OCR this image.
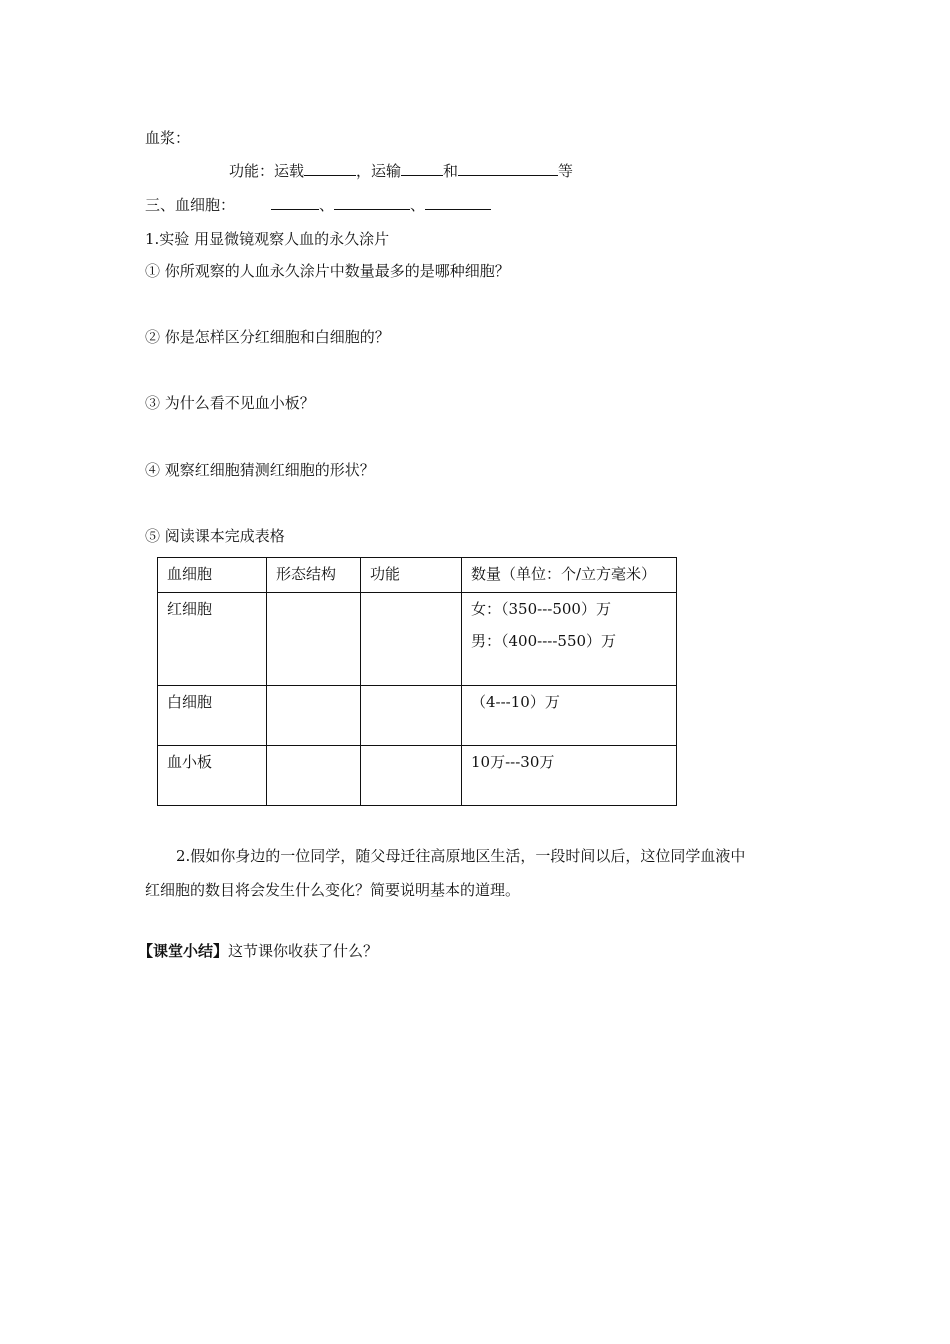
血浆：
功能：运载	，运输	和	等
三、血细胞：	、	、
1.实验 用显微镜观察人血的永久涂片
① 你所观察的人血永久涂片中数量最多的是哪种细胞？
② 你是怎样区分红细胞和白细胞的？
③ 为什么看不见血小板？
④ 观察红细胞猜测红细胞的形状？
⑤ 阅读课本完成表格
血细胞	形态结构	功能	数量（单位：个/立方毫米）
红细胞			女：（350---500）万
男：（400----550）万

白细胞			（4---10）万

血小板			10万---30万
2.假如你身边的一位同学，随父母迁往高原地区生活，一段时间以后，这位同学血液中
红细胞的数目将会发生什么变化？简要说明基本的道理。
【课堂小结】这节课你收获了什么？
